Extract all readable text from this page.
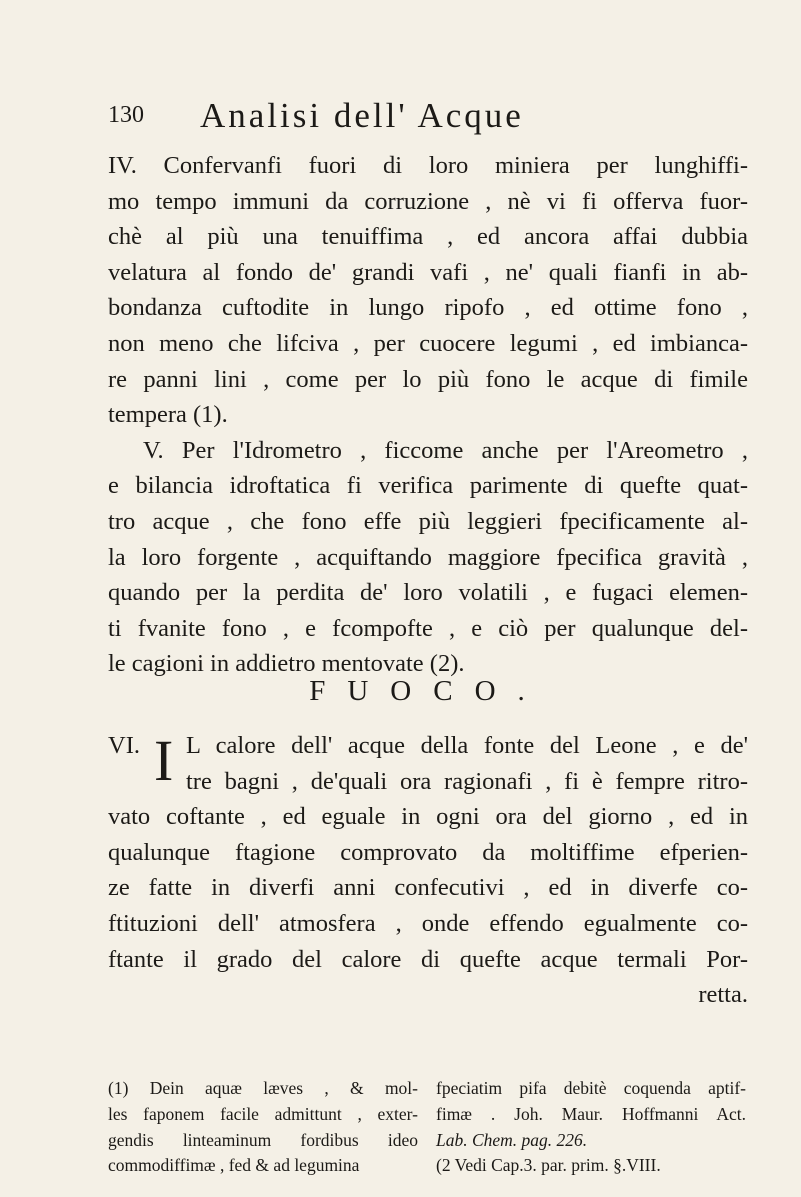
130 Analisi dell' Acque
IV. Confervanfi fuori di loro miniera per lunghiffi-
mo tempo immuni da corruzione , nè vi fi offerva fuor-
chè al più una tenuiffima , ed ancora affai dubbia
velatura al fondo de' grandi vafi , ne' quali fianfi in ab-
bondanza cuftodite in lungo ripofo , ed ottime fono ,
non meno che lifciva , per cuocere legumi , ed imbianca-
re panni lini , come per lo più fono le acque di fimile
tempera (1).
V. Per l'Idrometro , ficcome anche per l'Areometro ,
e bilancia idroftatica fi verifica parimente di quefte quat-
tro acque , che fono effe più leggieri fpecificamente al-
la loro forgente , acquiftando maggiore fpecifica gravità ,
quando per la perdita de' loro volatili , e fugaci elemen-
ti fvanite fono , e fcompofte , e ciò per qualunque del-
le cagioni in addietro mentovate (2).
FUOCO.
VI. I L calore dell' acque della fonte del Leone , e de'
tre bagni , de'quali ora ragionafi , fi è fempre ritro-
vato coftante , ed eguale in ogni ora del giorno , ed in
qualunque ftagione comprovato da moltiffime efperien-
ze fatte in diverfi anni confecutivi , ed in diverfe co-
ftituzioni dell' atmosfera , onde effendo egualmente co-
ftante il grado del calore di quefte acque termali Por-
retta.
(1) Dein aquæ læves , & mol-
les faponem facile admittunt , exter-
gendis linteaminum fordibus ideo
commodiffimæ , fed & ad legumina
fpeciatim pifa debitè coquenda aptif-
fimæ . Joh. Maur. Hoffmanni Act.
Lab. Chem. pag. 226.
(2 Vedi Cap.3. par. prim. §.VIII.
